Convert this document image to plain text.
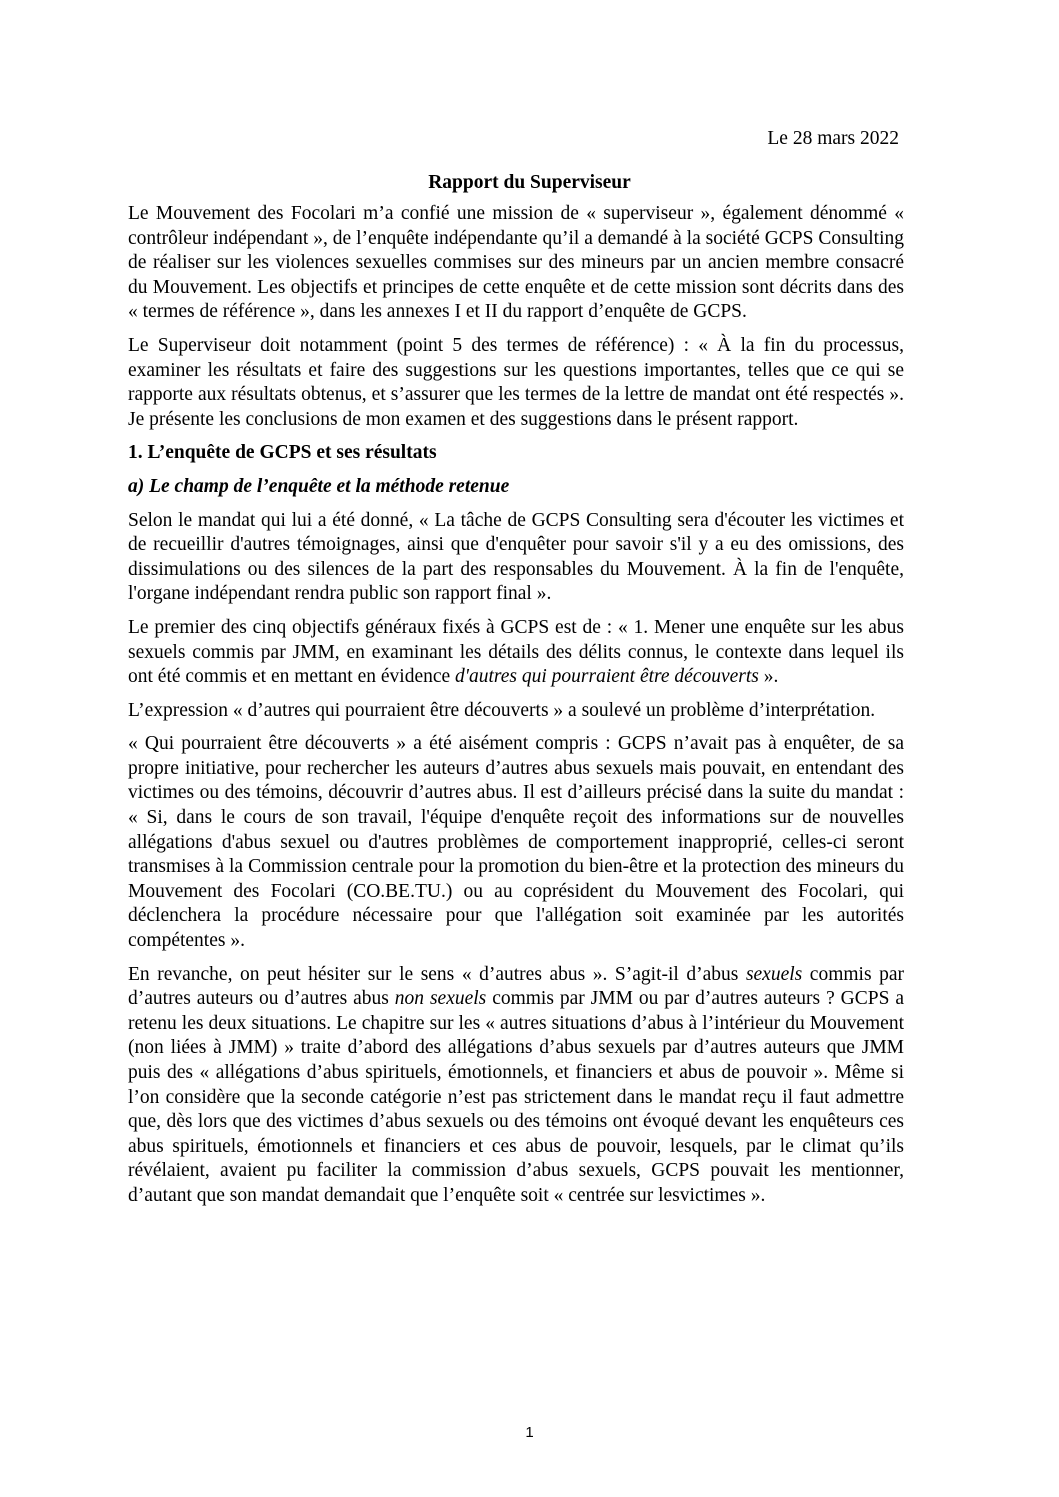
Le 28 mars 2022
Rapport du Superviseur

Le Mouvement des Focolari m’a confié une mission de « superviseur », également dénommé « contrôleur indépendant », de l’enquête indépendante qu’il a demandé à la société GCPS Consulting de réaliser sur les violences sexuelles commises sur des mineurs par un ancien membre consacré du Mouvement. Les objectifs et principes de cette enquête et de cette mission sont décrits dans des « termes de référence », dans les annexes I et II du rapport d’enquête de GCPS.

Le Superviseur doit notamment (point 5 des termes de référence) : « À la fin du processus, examiner les résultats et faire des suggestions sur les questions importantes, telles que ce qui se rapporte aux résultats obtenus, et s’assurer que les termes de la lettre de mandat ont été respectés ». Je présente les conclusions de mon examen et des suggestions dans le présent rapport.

1. L’enquête de GCPS et ses résultats
a) Le champ de l’enquête et la méthode retenue

Selon le mandat qui lui a été donné, « La tâche de GCPS Consulting sera d'écouter les victimes et de recueillir d'autres témoignages, ainsi que d'enquêter pour savoir s'il y a eu des omissions, des dissimulations ou des silences de la part des responsables du Mouvement. À la fin de l'enquête, l'organe indépendant rendra public son rapport final ».

Le premier des cinq objectifs généraux fixés à GCPS est de : « 1. Mener une enquête sur les abus sexuels commis par JMM, en examinant les détails des délits connus, le contexte dans lequel ils ont été commis et en mettant en évidence d'autres qui pourraient être découverts ».

L’expression « d’autres qui pourraient être découverts » a soulevé un problème d’interprétation.

« Qui pourraient être découverts » a été aisément compris : GCPS n’avait pas à enquêter, de sa propre initiative, pour rechercher les auteurs d’autres abus sexuels mais pouvait, en entendant des victimes ou des témoins, découvrir d’autres abus. Il est d’ailleurs précisé dans la suite du mandat : « Si, dans le cours de son travail, l'équipe d'enquête reçoit des informations sur de nouvelles allégations d'abus sexuel ou d'autres problèmes de comportement inapproprié, celles-ci seront transmises à la Commission centrale pour la promotion du bien-être et la protection des mineurs du Mouvement des Focolari (CO.BE.TU.) ou au coprésident du Mouvement des Focolari, qui déclenchera la procédure nécessaire pour que l'allégation soit examinée par les autorités compétentes ».

En revanche, on peut hésiter sur le sens « d’autres abus ». S’agit-il d’abus sexuels commis par d’autres auteurs ou d’autres abus non sexuels commis par JMM ou par d’autres auteurs ? GCPS a retenu les deux situations. Le chapitre sur les « autres situations d’abus à l’intérieur du Mouvement (non liées à JMM) » traite d’abord des allégations d’abus sexuels par d’autres auteurs que JMM puis des « allégations d’abus spirituels, émotionnels, et financiers et abus de pouvoir ». Même si l’on considère que la seconde catégorie n’est pas strictement dans le mandat reçu il faut admettre que, dès lors que des victimes d’abus sexuels ou des témoins ont évoqué devant les enquêteurs ces abus spirituels, émotionnels et financiers et ces abus de pouvoir, lesquels, par le climat qu’ils révélaient, avaient pu faciliter la commission d’abus sexuels, GCPS pouvait les mentionner, d’autant que son mandat demandait que l’enquête soit « centrée sur lesvictimes ».

1
